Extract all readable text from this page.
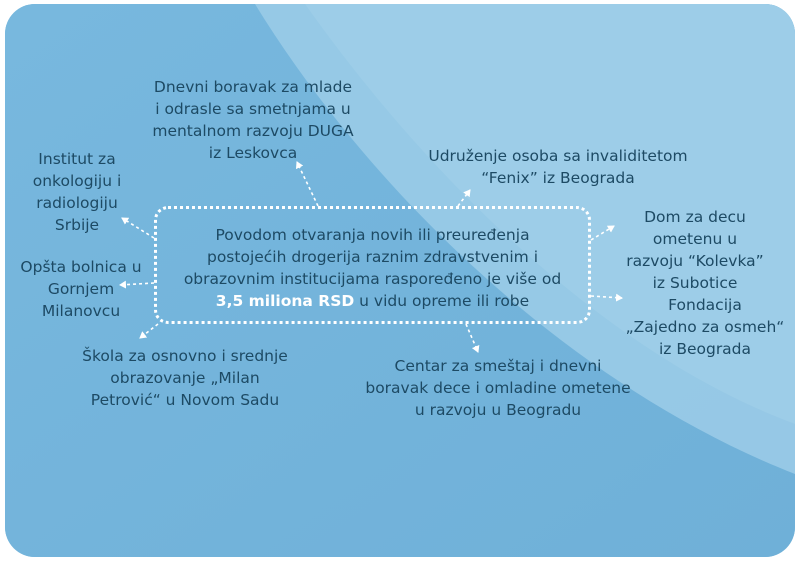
Povodom otvaranja novih ili preuređenja
postojećih drogerija raznim zdravstvenim i
obrazovnim institucijama raspoređeno je više od
3,5 miliona RSD u vidu opreme ili robe

Dnevni boravak za mlade
i odrasle sa smetnjama u
mentalnom razvoju DUGA
iz Leskovca	Udruženje osoba sa invaliditetom
“Fenix” iz Beograda

Institut za
onkologiju i
radiologiju
Srbije

Opšta bolnica u
Gornjem
Milanovcu

Dom za decu
ometenu u
razvoju “Kolevka”
iz Subotice

Fondacija
„Zajedno za osmeh“
iz Beograda

Škola za osnovno i srednje
obrazovanje „Milan
Petrović“ u Novom Sadu

Centar za smeštaj i dnevni
boravak dece i omladine ometene
u razvoju u Beogradu
